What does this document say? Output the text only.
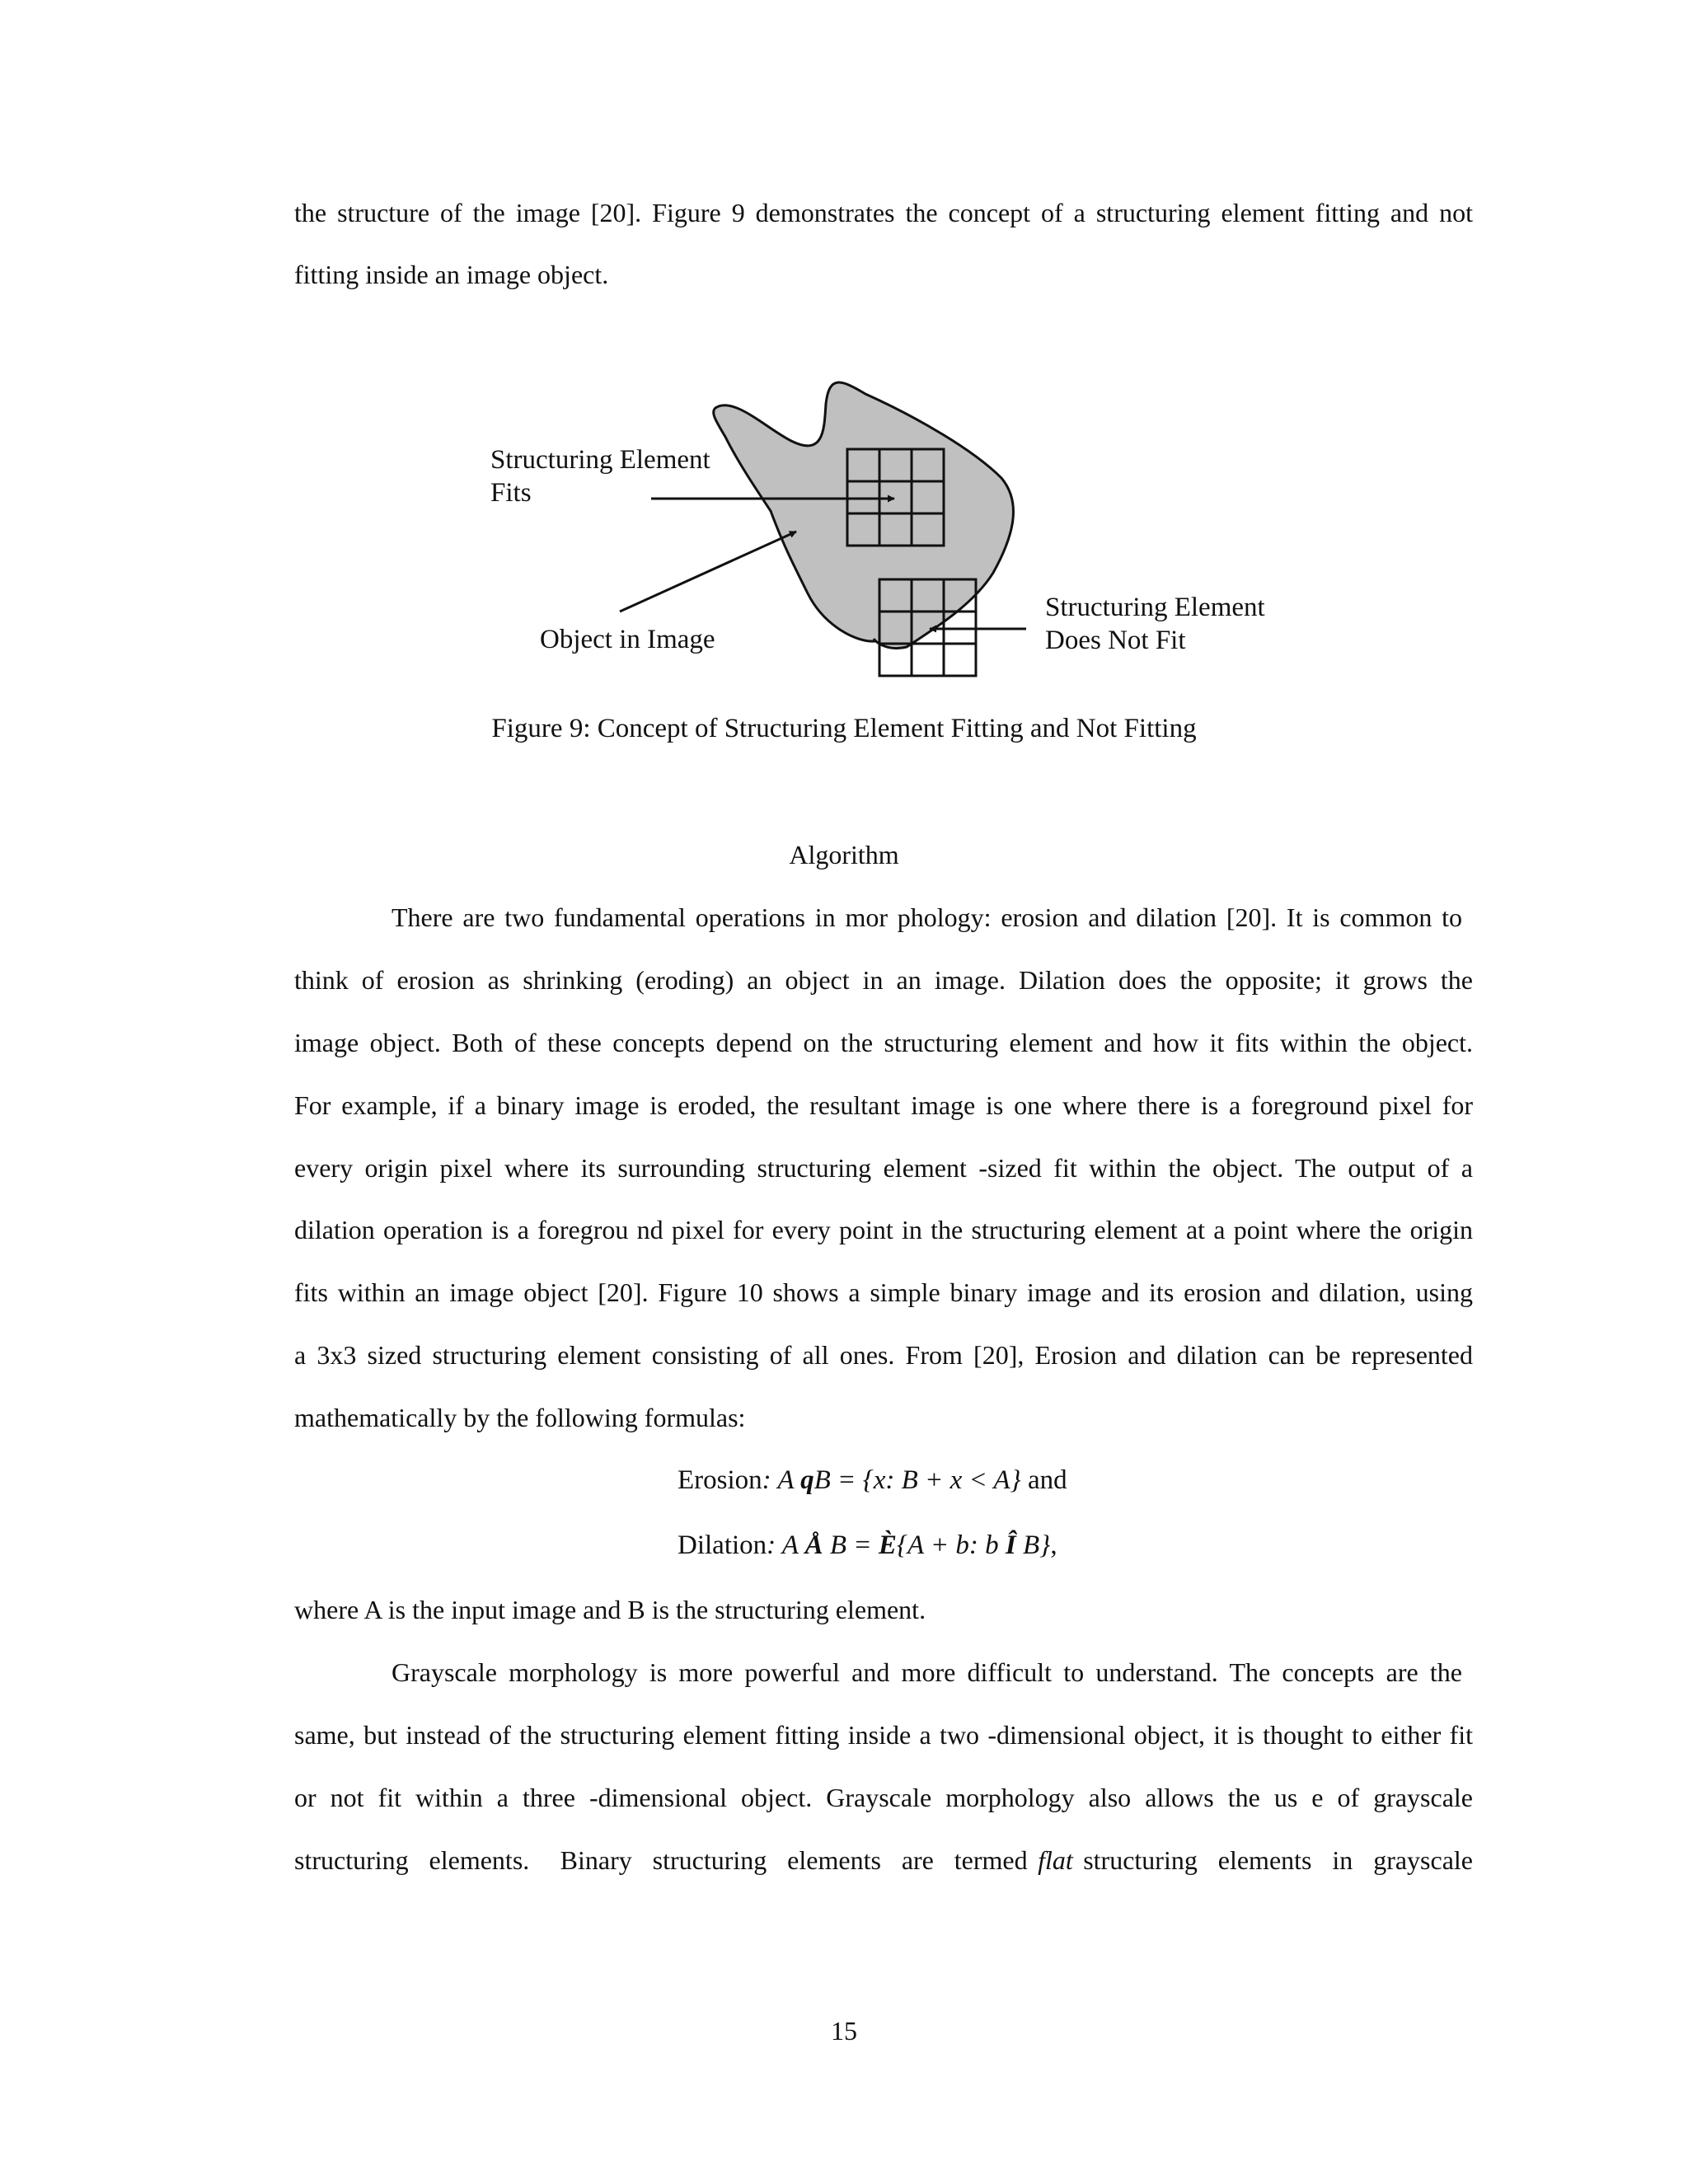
the structure of the image [20]. Figure 9 demonstrates the concept of a structuring element fitting and not
fitting inside an image object.
Structuring Element
Fits
Object in Image
Structuring Element
Does Not Fit
Figure 9: Concept of Structuring Element Fitting and Not Fitting
Algorithm
There are two fundamental operations in mor phology: erosion and dilation [20]. It is common to
think of erosion as shrinking (eroding) an object in an image. Dilation does the opposite; it grows the
image object. Both of these concepts depend on the structuring element and how it fits within the object.
For example, if a binary image is eroded, the resultant image is one where there is a foreground pixel for
every origin pixel where its surrounding structuring element -sized fit within the object. The output of a
dilation operation is a foregrou nd pixel for every point in the structuring element at a point where the origin
fits within an image object [20]. Figure 10 shows a simple binary image and its erosion and dilation, using
a 3x3 sized structuring element consisting of all ones. From [20], Erosion and dilation can be represented
mathematically by the following formulas:
Erosion: A qB = {x: B + x < A} and
Dilation: A Å B = È{A + b: b Î B},
where A is the input image and B is the structuring element.
Grayscale morphology is more powerful and more difficult to understand. The concepts are the
same, but instead of the structuring element fitting inside a two -dimensional object, it is thought to either fit
or not fit within a three -dimensional object. Grayscale morphology also allows the us e of grayscale
structuring  elements.   Binary  structuring  elements  are  termed flat structuring  elements  in  grayscale
15
